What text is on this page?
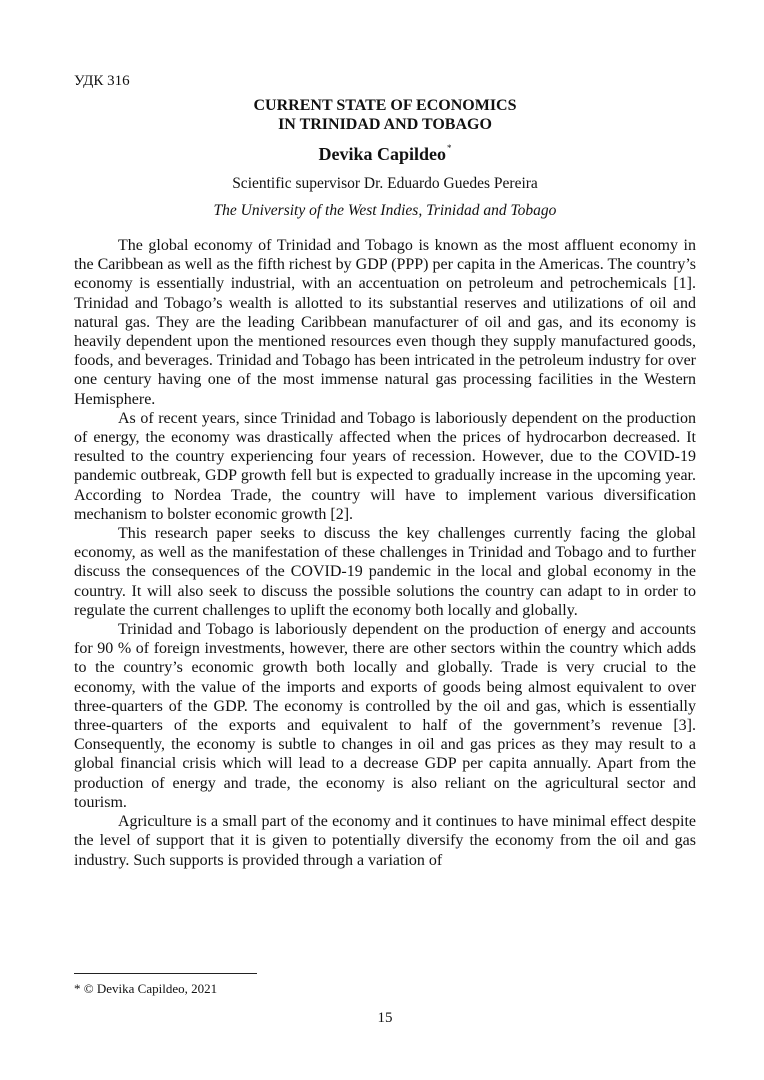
УДК 316
CURRENT STATE OF ECONOMICS
IN TRINIDAD AND TOBAGO
Devika Capildeo*
Scientific supervisor Dr. Eduardo Guedes Pereira
The University of the West Indies, Trinidad and Tobago

The global economy of Trinidad and Tobago is known as the most affluent economy in the Caribbean as well as the fifth richest by GDP (PPP) per capita in the Americas. The country’s economy is essentially industrial, with an accentuation on petroleum and petrochemicals [1]. Trinidad and Tobago’s wealth is allotted to its substantial reserves and utilizations of oil and natural gas. They are the leading Caribbean manufacturer of oil and gas, and its economy is heavily dependent upon the mentioned resources even though they supply manufactured goods, foods, and beverages. Trinidad and Tobago has been intricated in the petroleum industry for over one century having one of the most immense natural gas processing facilities in the Western Hemisphere.

As of recent years, since Trinidad and Tobago is laboriously dependent on the production of energy, the economy was drastically affected when the prices of hydrocarbon decreased. It resulted to the country experiencing four years of recession. However, due to the COVID-19 pandemic outbreak, GDP growth fell but is expected to gradually increase in the upcoming year. According to Nordea Trade, the country will have to implement various diversification mechanism to bolster economic growth [2].

This research paper seeks to discuss the key challenges currently facing the global economy, as well as the manifestation of these challenges in Trinidad and Tobago and to further discuss the consequences of the COVID-19 pandemic in the local and global economy in the country. It will also seek to discuss the possible solutions the country can adapt to in order to regulate the current challenges to uplift the economy both locally and globally.

Trinidad and Tobago is laboriously dependent on the production of energy and accounts for 90 % of foreign investments, however, there are other sectors within the country which adds to the country’s economic growth both locally and globally. Trade is very crucial to the economy, with the value of the imports and exports of goods being almost equivalent to over three-quarters of the GDP. The economy is controlled by the oil and gas, which is essentially three-quarters of the exports and equivalent to half of the government’s revenue [3]. Consequently, the economy is subtle to changes in oil and gas prices as they may result to a global financial crisis which will lead to a decrease GDP per capita annually. Apart from the production of energy and trade, the economy is also reliant on the agricultural sector and tourism.

Agriculture is a small part of the economy and it continues to have minimal effect despite the level of support that it is given to potentially diversify the economy from the oil and gas industry. Such supports is provided through a variation of

* © Devika Capildeo, 2021
15
